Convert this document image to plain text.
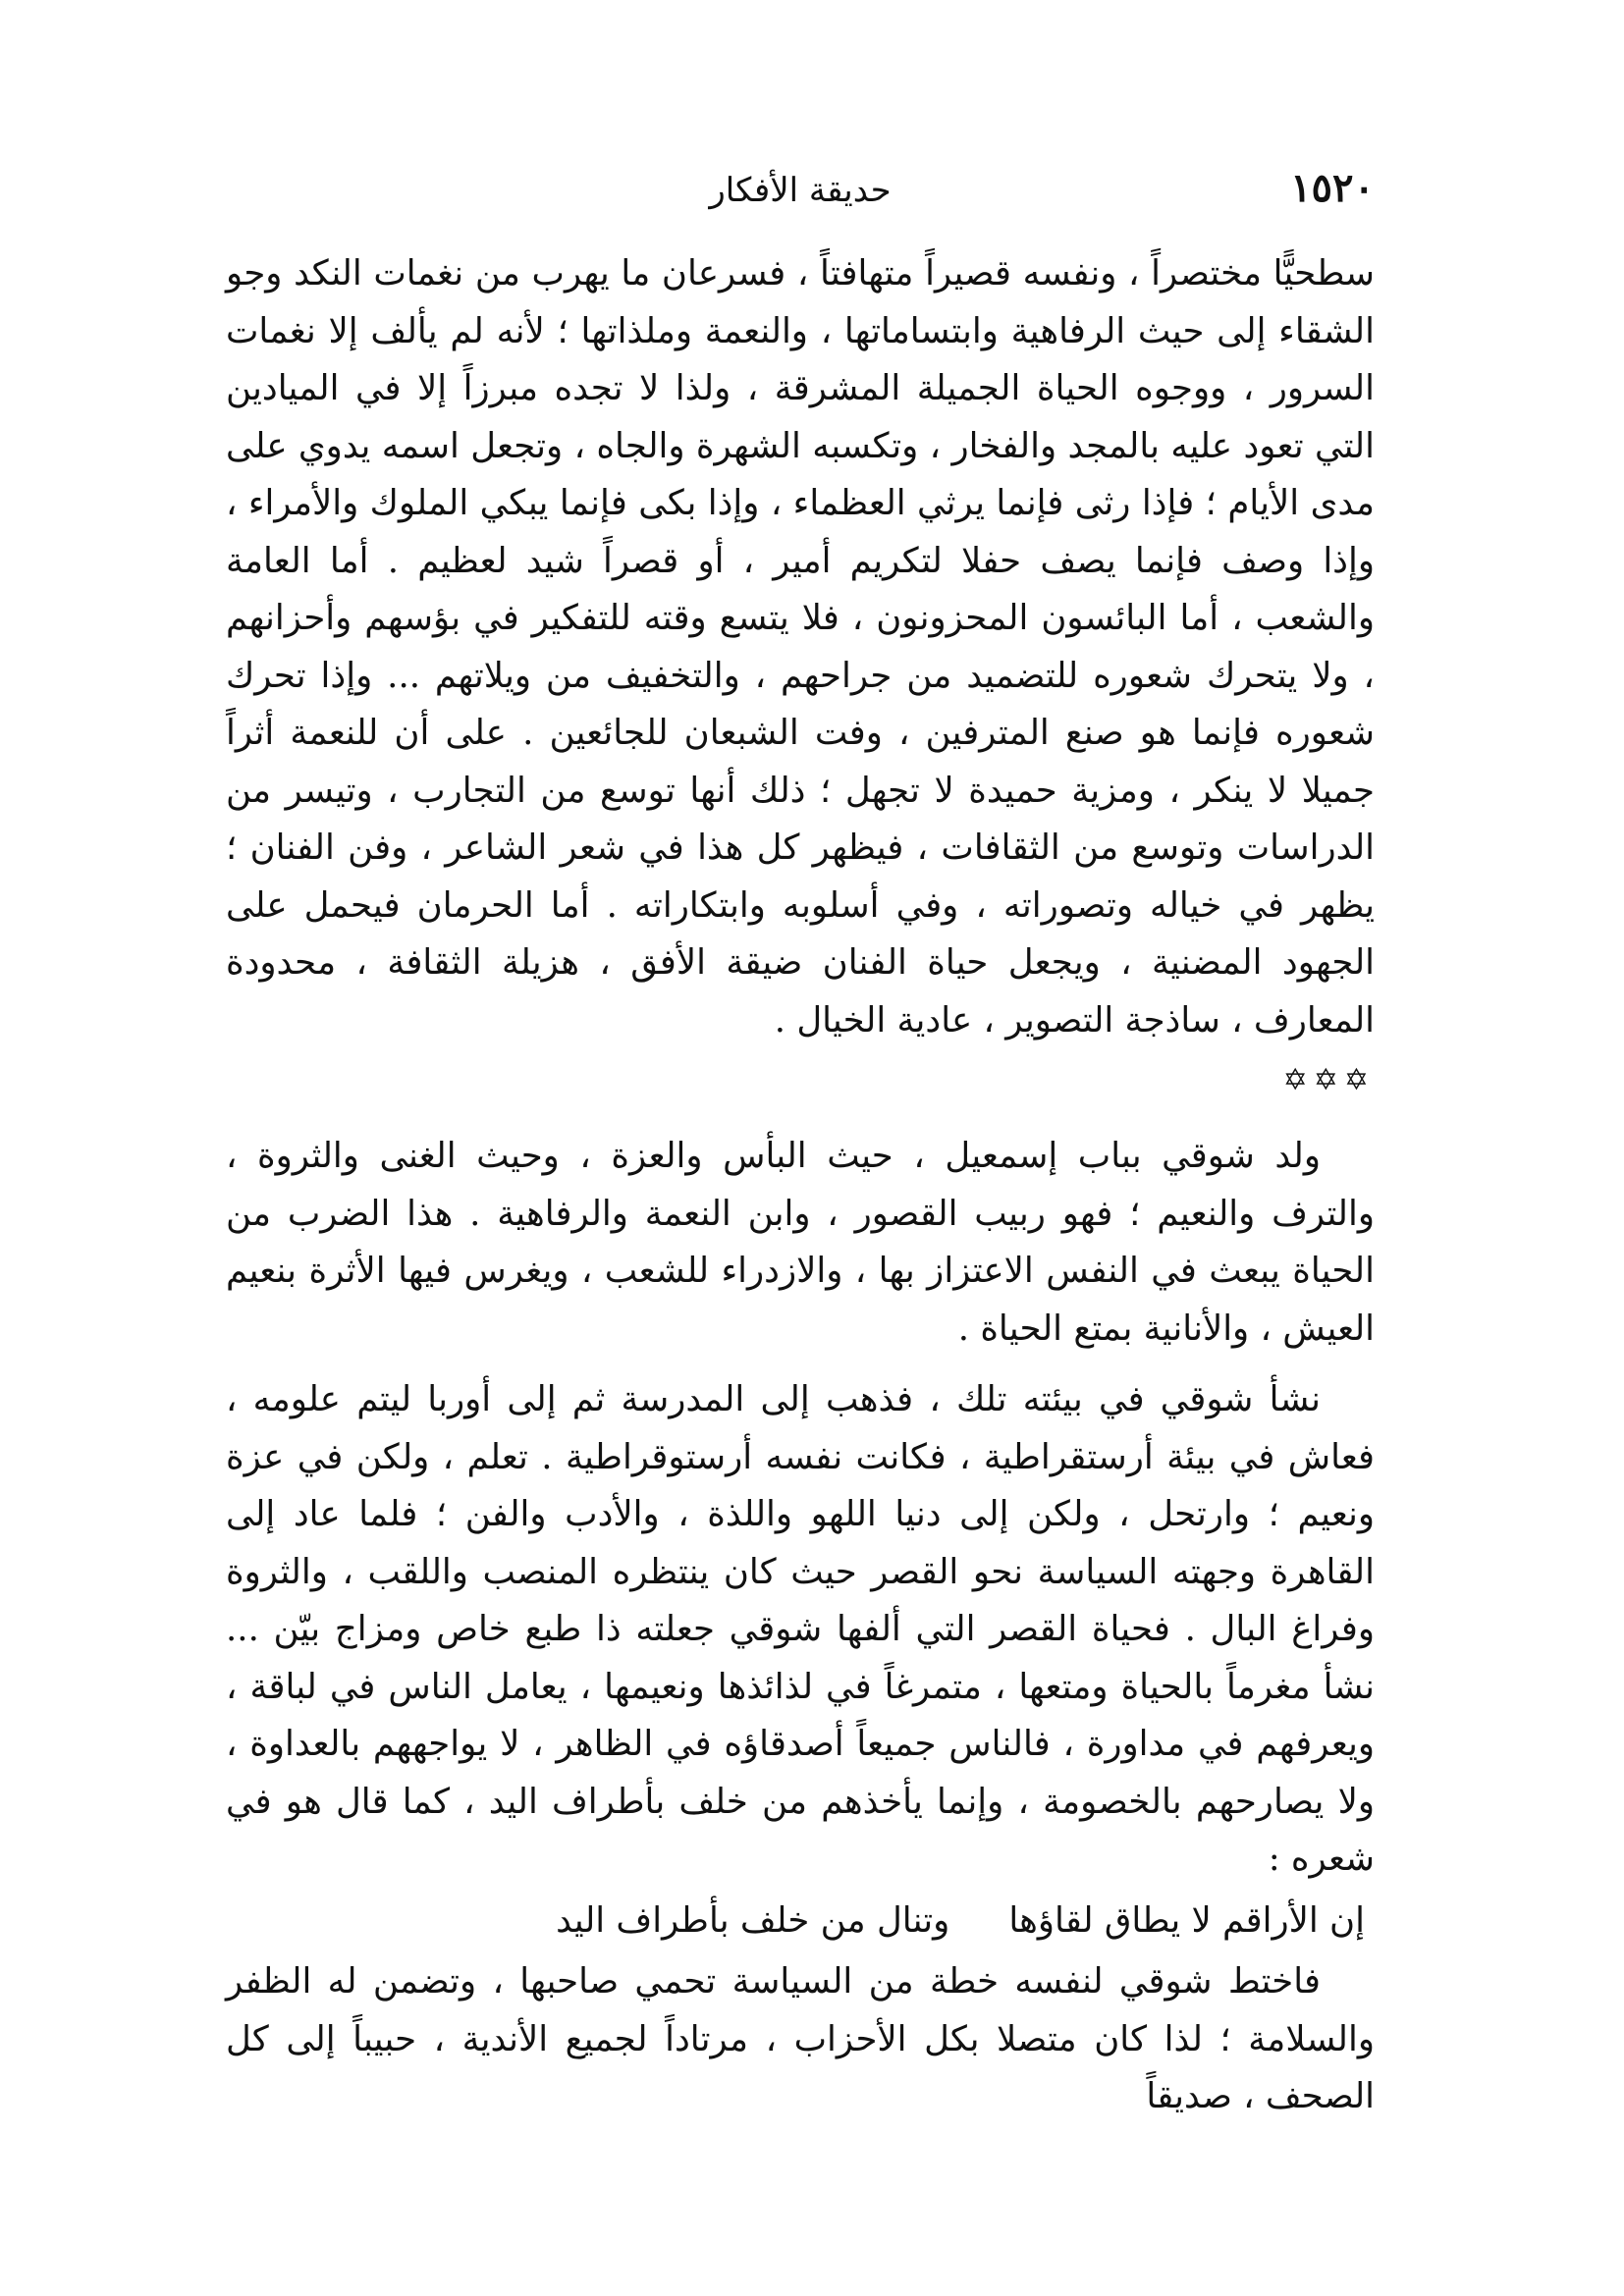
١٥٢٠
حديقة الأفكار

سطحيًّا مختصراً ، ونفسه قصيراً متهافتاً ، فسرعان ما يهرب من نغمات النكد وجو الشقاء إلى حيث الرفاهية وابتساماتها ، والنعمة وملذاتها ؛ لأنه لم يألف إلا نغمات السرور ، ووجوه الحياة الجميلة المشرقة ، ولذا لا تجده مبرزاً إلا في الميادين التي تعود عليه بالمجد والفخار ، وتكسبه الشهرة والجاه ، وتجعل اسمه يدوي على مدى الأيام ؛ فإذا رثى فإنما يرثي العظماء ، وإذا بكى فإنما يبكي الملوك والأمراء ، وإذا وصف فإنما يصف حفلا لتكريم أمير ، أو قصراً شيد لعظيم . أما العامة والشعب ، أما البائسون المحزونون ، فلا يتسع وقته للتفكير في بؤسهم وأحزانهم ، ولا يتحرك شعوره للتضميد من جراحهم ، والتخفيف من ويلاتهم ... وإذا تحرك شعوره فإنما هو صنع المترفين ، وفت الشبعان للجائعين . على أن للنعمة أثراً جميلا لا ينكر ، ومزية حميدة لا تجهل ؛ ذلك أنها توسع من التجارب ، وتيسر من الدراسات وتوسع من الثقافات ، فيظهر كل هذا في شعر الشاعر ، وفن الفنان ؛ يظهر في خياله وتصوراته ، وفي أسلوبه وابتكاراته . أما الحرمان فيحمل على الجهود المضنية ، ويجعل حياة الفنان ضيقة الأفق ، هزيلة الثقافة ، محدودة المعارف ، ساذجة التصوير ، عادية الخيال .

✡✡✡

ولد شوقي بباب إسمعيل ، حيث البأس والعزة ، وحيث الغنى والثروة ، والترف والنعيم ؛ فهو ربيب القصور ، وابن النعمة والرفاهية . هذا الضرب من الحياة يبعث في النفس الاعتزاز بها ، والازدراء للشعب ، ويغرس فيها الأثرة بنعيم العيش ، والأنانية بمتع الحياة .

نشأ شوقي في بيئته تلك ، فذهب إلى المدرسة ثم إلى أوربا ليتم علومه ، فعاش في بيئة أرستقراطية ، فكانت نفسه أرستوقراطية . تعلم ، ولكن في عزة ونعيم ؛ وارتحل ، ولكن إلى دنيا اللهو واللذة ، والأدب والفن ؛ فلما عاد إلى القاهرة وجهته السياسة نحو القصر حيث كان ينتظره المنصب واللقب ، والثروة وفراغ البال . فحياة القصر التي ألفها شوقي جعلته ذا طبع خاص ومزاج بيّن ... نشأ مغرماً بالحياة ومتعها ، متمرغاً في لذائذها ونعيمها ، يعامل الناس في لباقة ، ويعرفهم في مداورة ، فالناس جميعاً أصدقاؤه في الظاهر ، لا يواجههم بالعداوة ، ولا يصارحهم بالخصومة ، وإنما يأخذهم من خلف بأطراف اليد ، كما قال هو في شعره :

إن الأراقم لا يطاق لقاؤها
وتنال من خلف بأطراف اليد

فاختط شوقي لنفسه خطة من السياسة تحمي صاحبها ، وتضمن له الظفر والسلامة ؛ لذا كان متصلا بكل الأحزاب ، مرتاداً لجميع الأندية ، حبيباً إلى كل الصحف ، صديقاً
